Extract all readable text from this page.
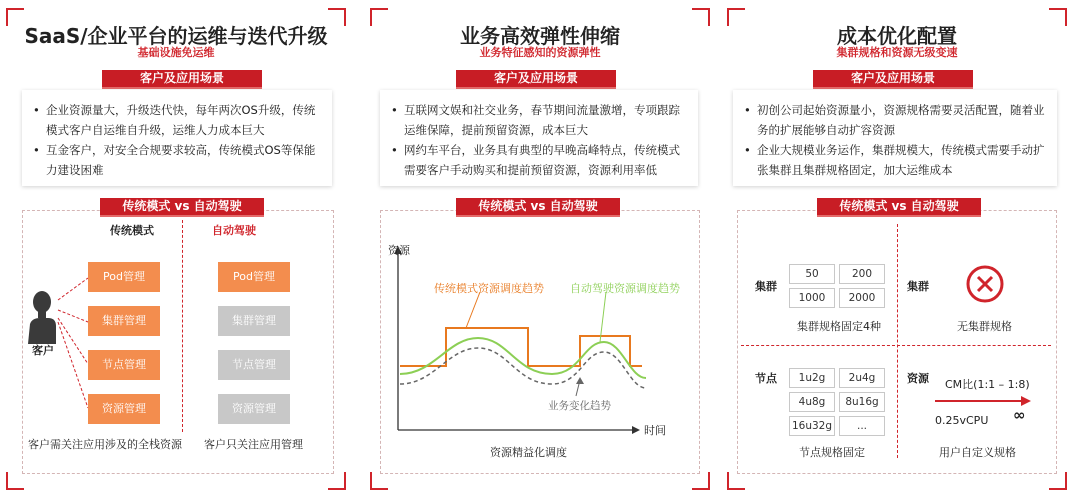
SaaS/企业平台的运维与迭代升级
基础设施免运维
客户及应用场景
• 企业资源量大，升级迭代快，每年两次OS升级，传统模式客户自运维自升级，运维人力成本巨大
• 互金客户，对安全合规要求较高，传统模式OS等保能力建设困难
传统模式 vs 自动驾驶
传统模式	自动驾驶
客户
Pod管理
集群管理
节点管理
资源管理
Pod管理
集群管理
节点管理
资源管理
客户需关注应用涉及的全栈资源 客户只关注应用管理
业务高效弹性伸缩
业务特征感知的资源弹性
客户及应用场景
• 互联网文娱和社交业务，春节期间流量激增，专项跟踪运维保障，提前预留资源，成本巨大
• 网约车平台，业务具有典型的早晚高峰特点，传统模式需要客户手动购买和提前预留资源，资源利用率低
传统模式 vs 自动驾驶
资源
时间
传统模式资源调度趋势 自动驾驶资源调度趋势
业务变化趋势
资源精益化调度
成本优化配置
集群规格和资源无级变速
客户及应用场景
• 初创公司起始资源量小，资源规格需要灵活配置，随着业务的扩展能够自动扩容资源
• 企业大规模业务运作，集群规模大，传统模式需要手动扩张集群且集群规格固定，加大运维成本
传统模式 vs 自动驾驶
集群
50	200
1000	2000
集群规格固定4种
集群
无集群规格
节点	1u2g	2u4g
4u8g	8u16g
16u32g	...
节点规格固定
资源 CM比(1:1 – 1:8)
0.25vCPU ∞
用户自定义规格
